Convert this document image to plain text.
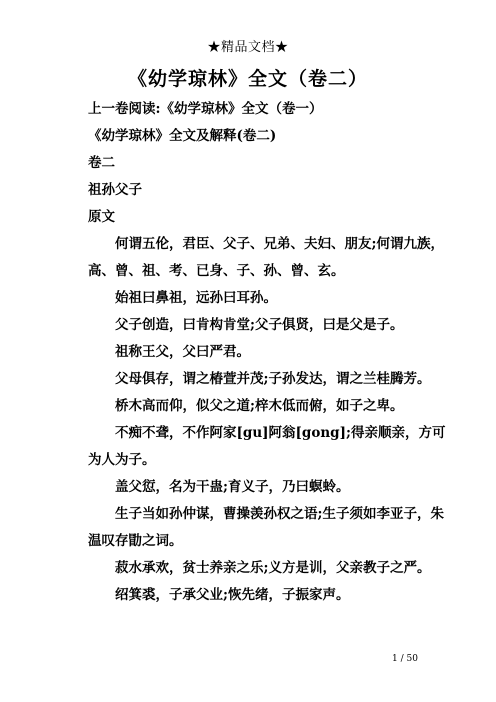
★精品文档★
《幼学琼林》全文（卷二）

上一卷阅读:《幼学琼林》全文（卷一）

《幼学琼林》全文及解释(卷二)

卷二

祖孙父子

原文

何谓五伦，君臣、父子、兄弟、夫妇、朋友;何谓九族，高、曾、祖、考、已身、子、孙、曾、玄。

始祖曰鼻祖，远孙曰耳孙。

父子创造，曰肯构肯堂;父子俱贤，曰是父是子。

祖称王父，父曰严君。

父母俱存，谓之椿萱并茂;子孙发达，谓之兰桂腾芳。

桥木高而仰，似父之道;梓木低而俯，如子之卑。

不痴不聋，不作阿家[gu]阿翁[gong];得亲顺亲，方可为人为子。

盖父愆，名为干蛊;育义子，乃曰螟蛉。

生子当如孙仲谋，曹操羡孙权之语;生子须如李亚子，朱温叹存勖之词。

菽水承欢，贫士养亲之乐;义方是训，父亲教子之严。

绍箕裘，子承父业;恢先绪，子振家声。

1 / 50
